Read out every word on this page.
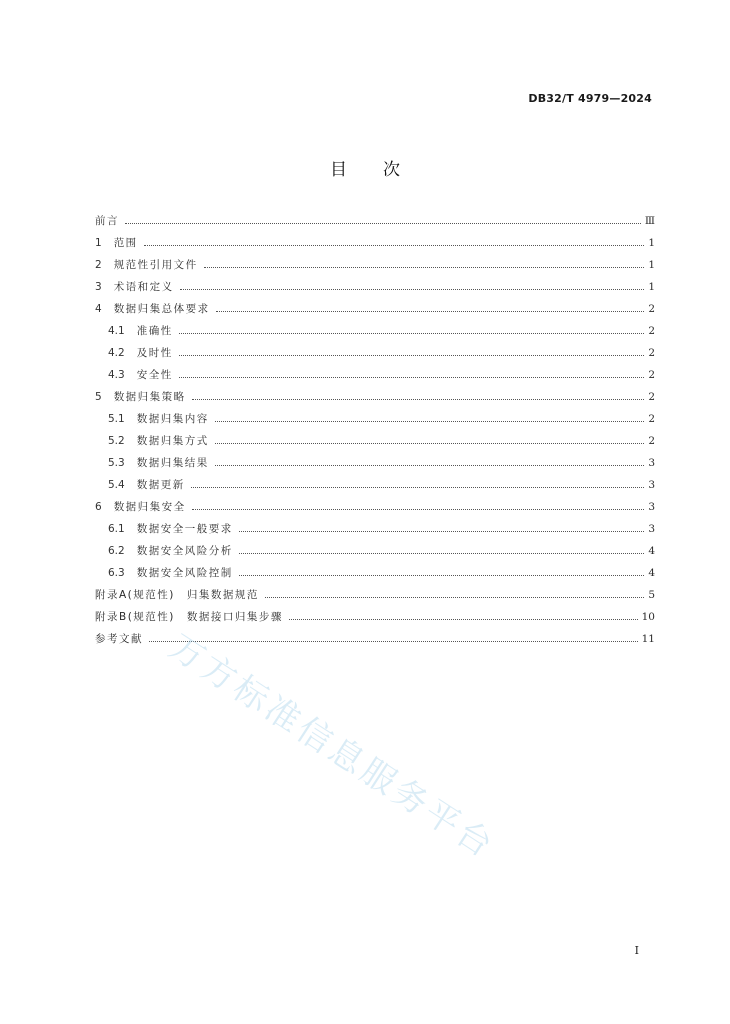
DB32/T 4979—2024
目次
前言	Ⅲ
1 范围	1
2 规范性引用文件	1
3 术语和定义	1
4 数据归集总体要求	2
4.1 准确性	2
4.2 及时性	2
4.3 安全性	2
5 数据归集策略	2
5.1 数据归集内容	2
5.2 数据归集方式	2
5.3 数据归集结果	3
5.4 数据更新	3
6 数据归集安全	3
6.1 数据安全一般要求	3
6.2 数据安全风险分析	4
6.3 数据安全风险控制	4
附录A(规范性)　归集数据规范	5
附录B(规范性)　数据接口归集步骤	10
参考文献	11
万方标准信息服务平台
I
